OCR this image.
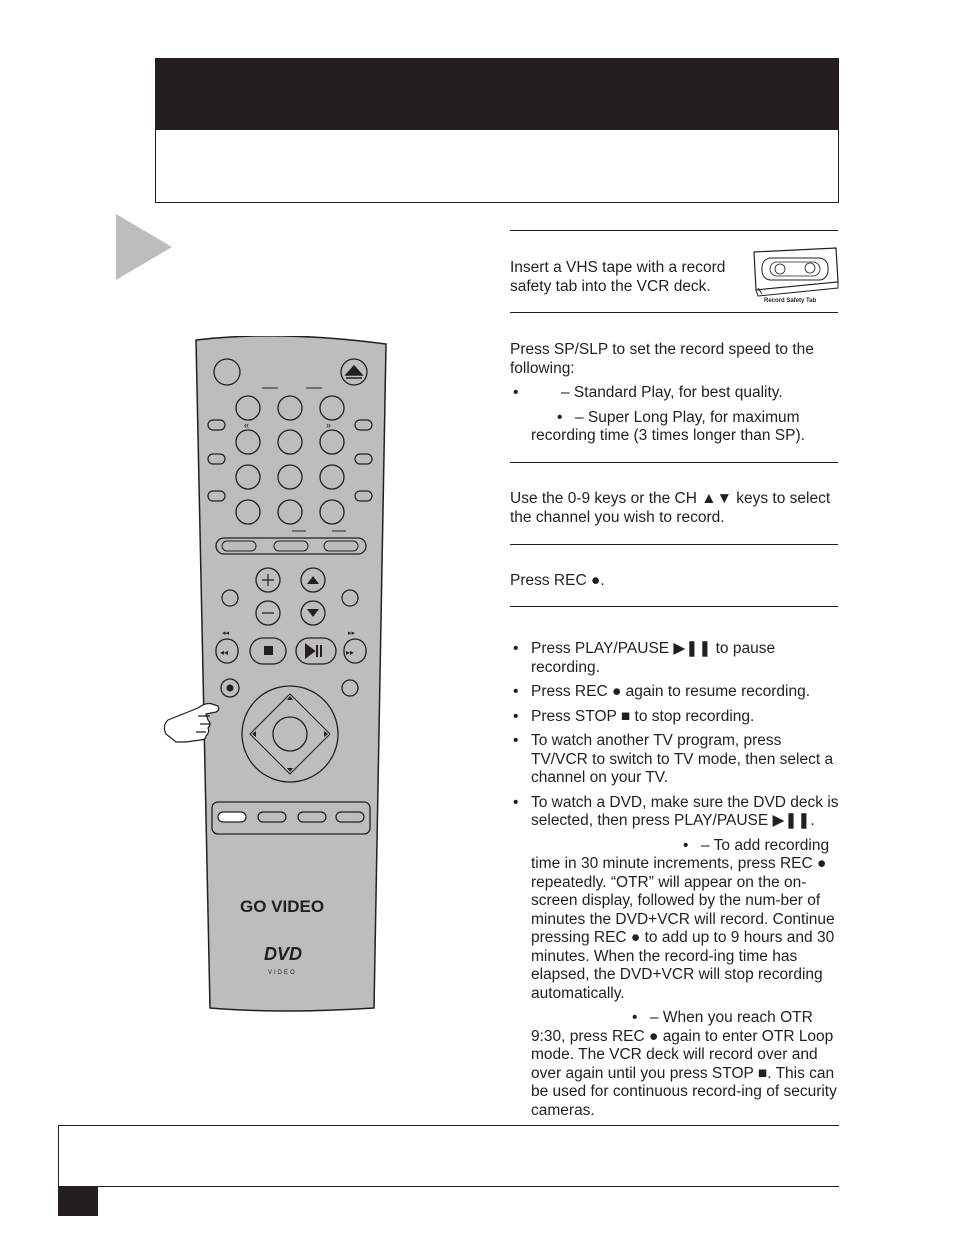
Record Safety Tab
Insert a VHS tape with a record safety tab into the VCR deck.
Press SP/SLP to set the record speed to the following:
• – Standard Play, for best quality.
• – Super Long Play, for maximum recording time (3 times longer than SP).
Use the 0-9 keys or the CH ▲▼ keys to select the channel you wish to record.
Press REC ●.
• Press PLAY/PAUSE ▶❚❚ to pause recording.
• Press REC ● again to resume recording.
• Press STOP ■ to stop recording.
• To watch another TV program, press TV/VCR to switch to TV mode, then select a channel on your TV.
• To watch a DVD, make sure the DVD deck is selected, then press PLAY/PAUSE ▶❚❚.
• – To add recording time in 30 minute increments, press REC ● repeatedly. “OTR” will appear on the on-screen display, followed by the num-ber of minutes the DVD+VCR will record. Continue pressing REC ● to add up to 9 hours and 30 minutes. When the record-ing time has elapsed, the DVD+VCR will stop recording automatically.
• – When you reach OTR 9:30, press REC ● again to enter OTR Loop mode. The VCR deck will record over and over again until you press STOP ■. This can be used for continuous record-ing of security cameras.
«	»
◂◂	▸▸
◂◂	▸▸
GO VIDEO
DVD
VIDEO
